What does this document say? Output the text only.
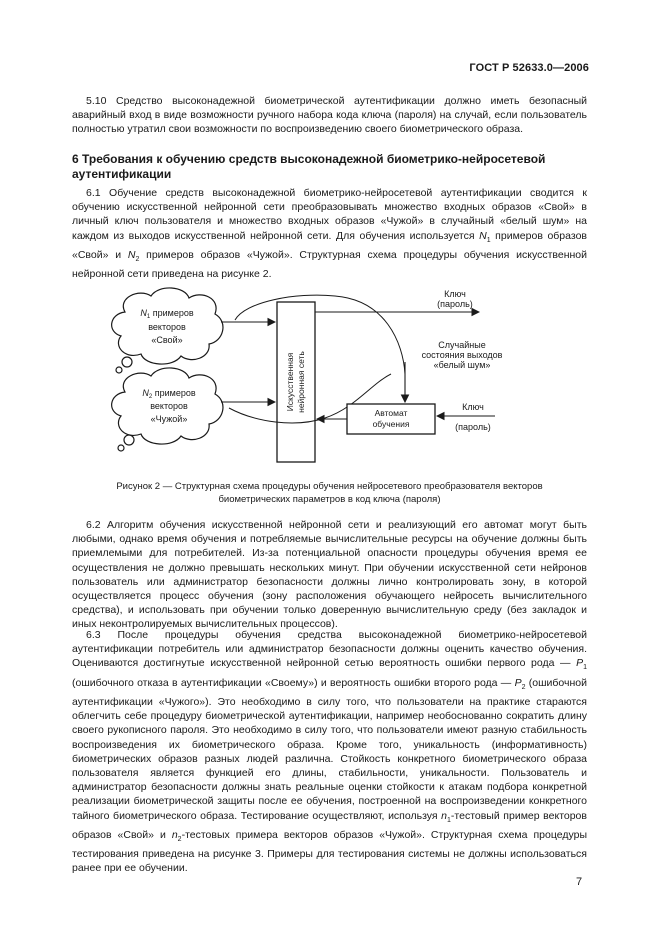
ГОСТ Р 52633.0—2006

5.10 Средство высоконадежной биометрической аутентификации должно иметь безопасный аварийный вход в виде возможности ручного набора кода ключа (пароля) на случай, если пользователь полностью утратил свои возможности по воспроизведению своего биометрического образа.

6 Требования к обучению средств высоконадежной биометрико-нейросетевой аутентификации

6.1 Обучение средств высоконадежной биометрико-нейросетевой аутентификации сводится к обучению искусственной нейронной сети преобразовывать множество входных образов «Свой» в личный ключ пользователя и множество входных образов «Чужой» в случайный «белый шум» на каждом из выходов искусственной нейронной сети. Для обучения используется $N_1$ примеров образов «Свой» и $N_2$ примеров образов «Чужой». Структурная схема процедуры обучения искусственной нейронной сети приведена на рисунке 2.

$N_1$ примеров
векторов
«Свой»
$N_2$ примеров
векторов
«Чужой»
Искусственная нейронная сеть
Ключ
(пароль)
Случайные
состояния выходов
«белый шум»
Автомат
обучения
Ключ
(пароль)
Рисунок 2 — Структурная схема процедуры обучения нейросетевого преобразователя векторов
биометрических параметров в код ключа (пароля)

6.2 Алгоритм обучения искусственной нейронной сети и реализующий его автомат могут быть любыми, однако время обучения и потребляемые вычислительные ресурсы на обучение должны быть приемлемыми для потребителей. Из-за потенциальной опасности процедуры обучения время ее осуществления не должно превышать нескольких минут. При обучении искусственной сети нейронов пользователь или администратор безопасности должны лично контролировать зону, в которой осуществляется процесс обучения (зону расположения обучающего нейросеть вычислительного средства), и использовать при обучении только доверенную вычислительную среду (без закладок и иных неконтролируемых вычислительных процессов).

6.3 После процедуры обучения средства высоконадежной биометрико-нейросетевой аутентификации потребитель или администратор безопасности должны оценить качество обучения. Оцениваются достигнутые искусственной нейронной сетью вероятность ошибки первого рода — $P_1$ (ошибочного отказа в аутентификации «Своему») и вероятность ошибки второго рода — $P_2$ (ошибочной аутентификации «Чужого»). Это необходимо в силу того, что пользователи на практике стараются облегчить себе процедуру биометрической аутентификации, например необоснованно сократить длину своего рукописного пароля. Это необходимо в силу того, что пользователи имеют разную стабильность воспроизведения их биометрического образа. Кроме того, уникальность (информативность) биометрических образов разных людей различна. Стойкость конкретного биометрического образа пользователя является функцией его длины, стабильности, уникальности. Пользователь и администратор безопасности должны знать реальные оценки стойкости к атакам подбора конкретной реализации биометрической защиты после ее обучения, построенной на воспроизведении конкретного тайного биометрического образа. Тестирование осуществляют, используя $n_1$-тестовый пример векторов образов «Свой» и $n_2$-тестовых примера векторов образов «Чужой». Структурная схема процедуры тестирования приведена на рисунке 3. Примеры для тестирования системы не должны использоваться ранее при ее обучении.

7
